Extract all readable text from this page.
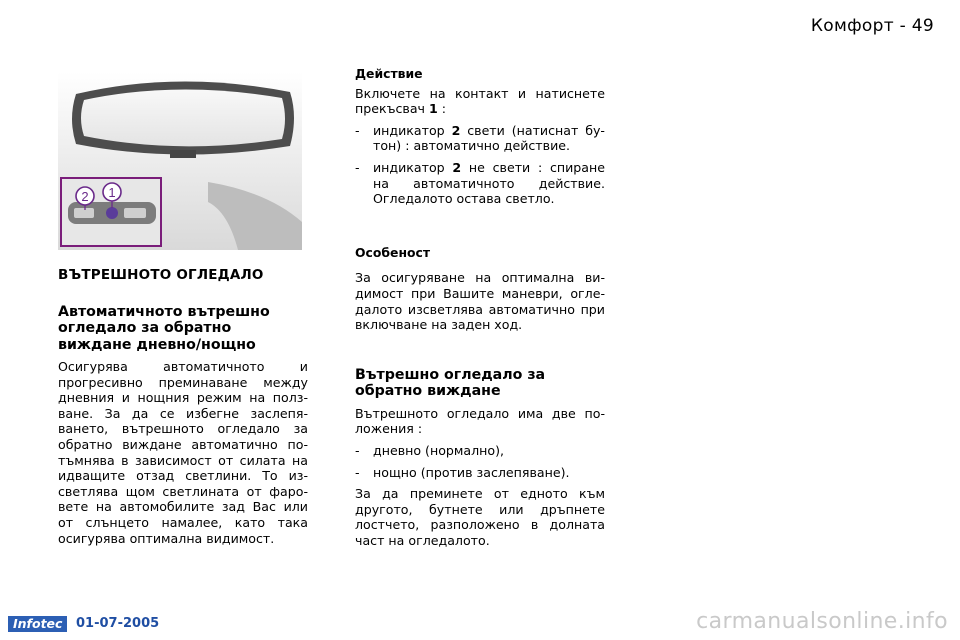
Комфорт - 49
2 1
ВЪТРЕШНОТО ОГЛЕДАЛО
Автоматичното вътрешно огледало за обратно виждане дневно/нощно

Осигурява автоматичното и прогресивно преминаване между дневния и нощния режим на полз-ване. За да се избегне заслепя-ването, вътрешното огледало за обратно виждане автоматично по-тъмнява в зависимост от силата на идващите отзад светлини. То из-светлява щом светлината от фаро-вете на автомобилите зад Вас или от слънцето намалее, като така осигурява оптимална видимост.

Действие

Включете на контакт и натиснете прекъсвач 1 :

-	индикатор 2 свети (натиснат бу-тон) : автоматично действие.
-	индикатор 2 не свети : спиране на автоматичното действие. Огледалото остава светло.
Особеност

За осигуряване на оптимална ви-димост при Вашите маневри, огле-далото изсветлява автоматично при включване на заден ход.

Вътрешно огледало за обратно виждане

Вътрешното огледало има две по-ложения :

-	дневно (нормално),
-	нощно (против заслепяване).

За да преминете от едното към другото, бутнете или дръпнете лостчето, разположено в долната част на огледалото.

Infotec	01-07-2005	carmanualsonline.info
